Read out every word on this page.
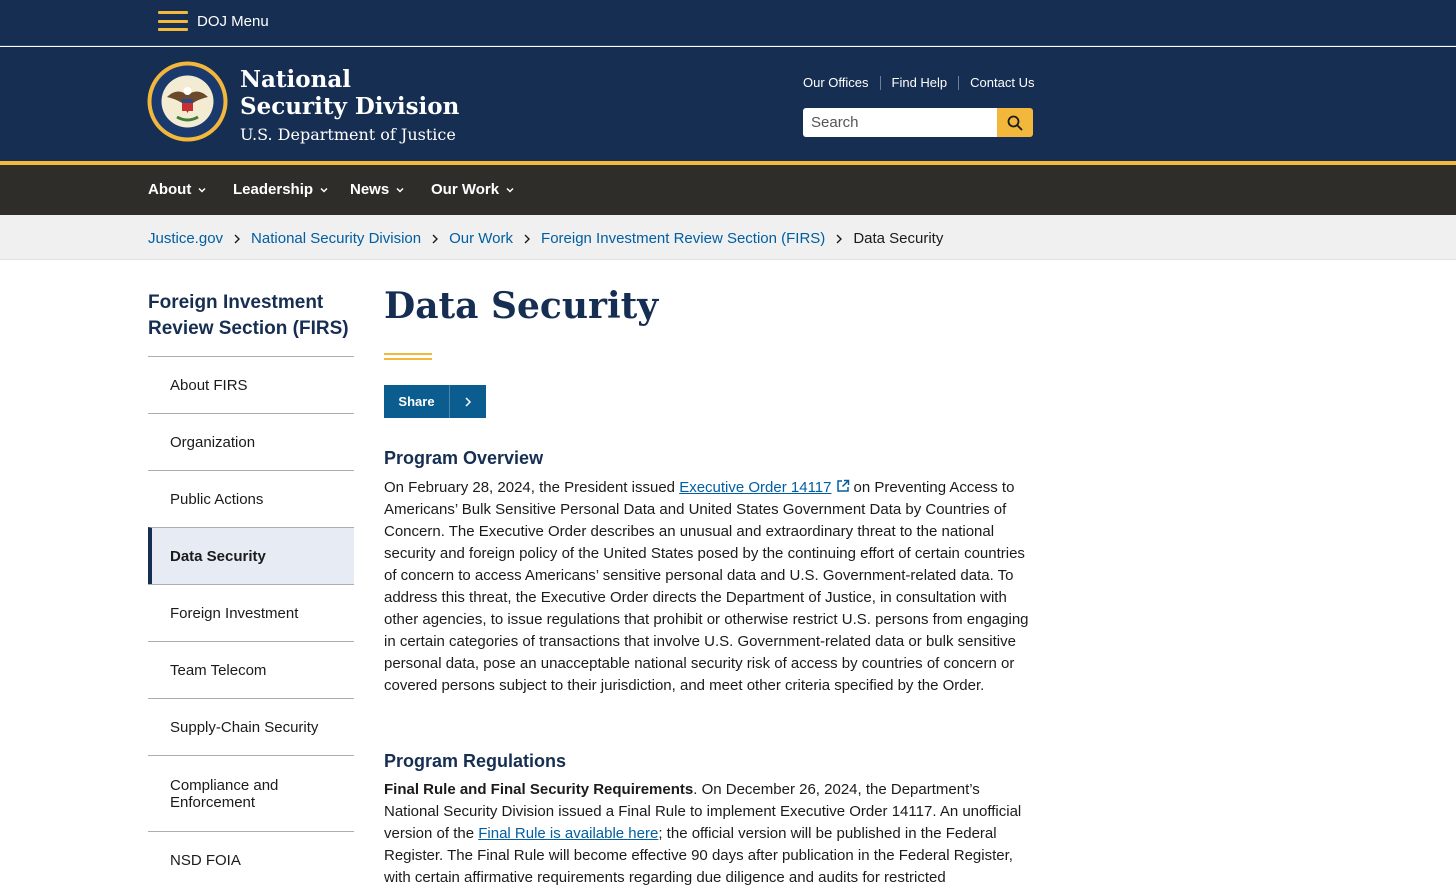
DOJ Menu
National Security Division
U.S. Department of Justice
Our Offices Find Help Contact Us
Search
About	Leadership News	Our Work
Justice.gov National Security Division Our Work Foreign Investment Review Section (FIRS) Data Security
Foreign Investment Review Section (FIRS)
About FIRS
Organization
Public Actions
Data Security
Foreign Investment
Team Telecom
Supply-Chain Security
Compliance and Enforcement
NSD FOIA
Data Security
Share
Program Overview

On February 28, 2024, the President issued Executive Order 14117 on Preventing Access to Americans’ Bulk Sensitive Personal Data and United States Government Data by Countries of Concern. The Executive Order describes an unusual and extraordinary threat to the national security and foreign policy of the United States posed by the continuing effort of certain countries of concern to access Americans’ sensitive personal data and U.S. Government-related data. To address this threat, the Executive Order directs the Department of Justice, in consultation with other agencies, to issue regulations that prohibit or otherwise restrict U.S. persons from engaging in certain categories of transactions that involve U.S. Government-related data or bulk sensitive personal data, pose an unacceptable national security risk of access by countries of concern or covered persons subject to their jurisdiction, and meet other criteria specified by the Order.

Program Regulations

Final Rule and Final Security Requirements. On December 26, 2024, the Department’s National Security Division issued a Final Rule to implement Executive Order 14117. An unofficial version of the Final Rule is available here; the official version will be published in the Federal Register. The Final Rule will become effective 90 days after publication in the Federal Register, with certain affirmative requirements regarding due diligence and audits for restricted
